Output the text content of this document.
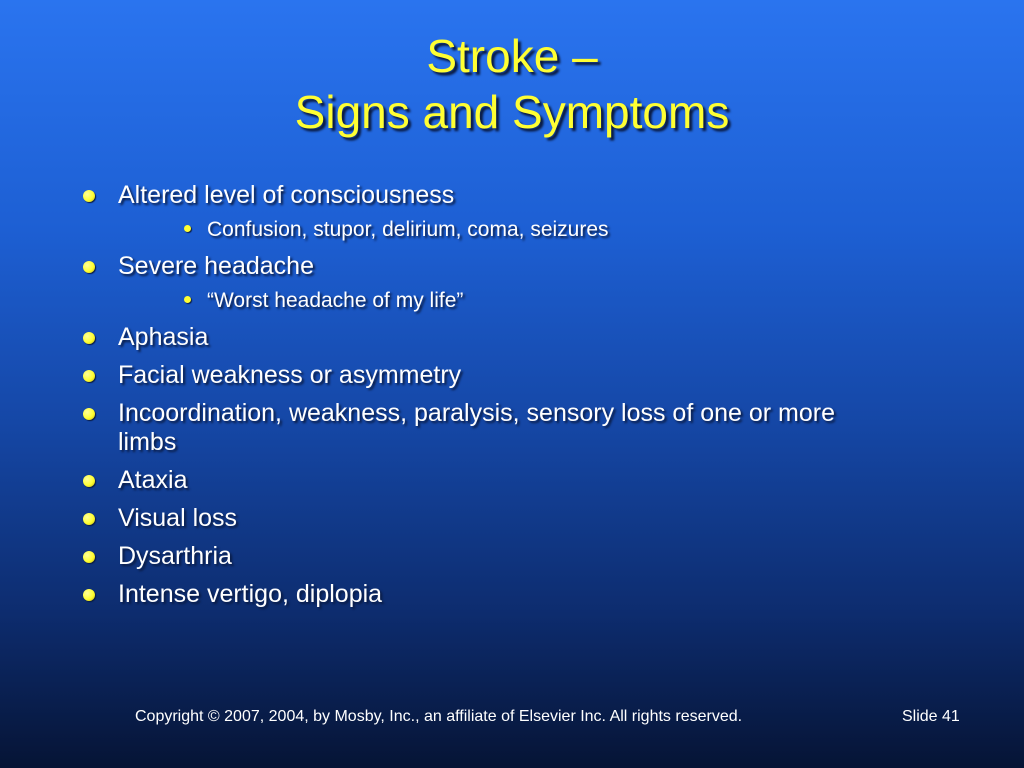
Stroke –
Signs and Symptoms
Altered level of consciousness
Confusion, stupor, delirium, coma, seizures
Severe headache
“Worst headache of my life”
Aphasia
Facial weakness or asymmetry
Incoordination, weakness, paralysis, sensory loss of one or more limbs
Ataxia
Visual loss
Dysarthria
Intense vertigo, diplopia
Copyright © 2007, 2004, by Mosby, Inc., an affiliate of Elsevier Inc. All rights reserved.	Slide 41
